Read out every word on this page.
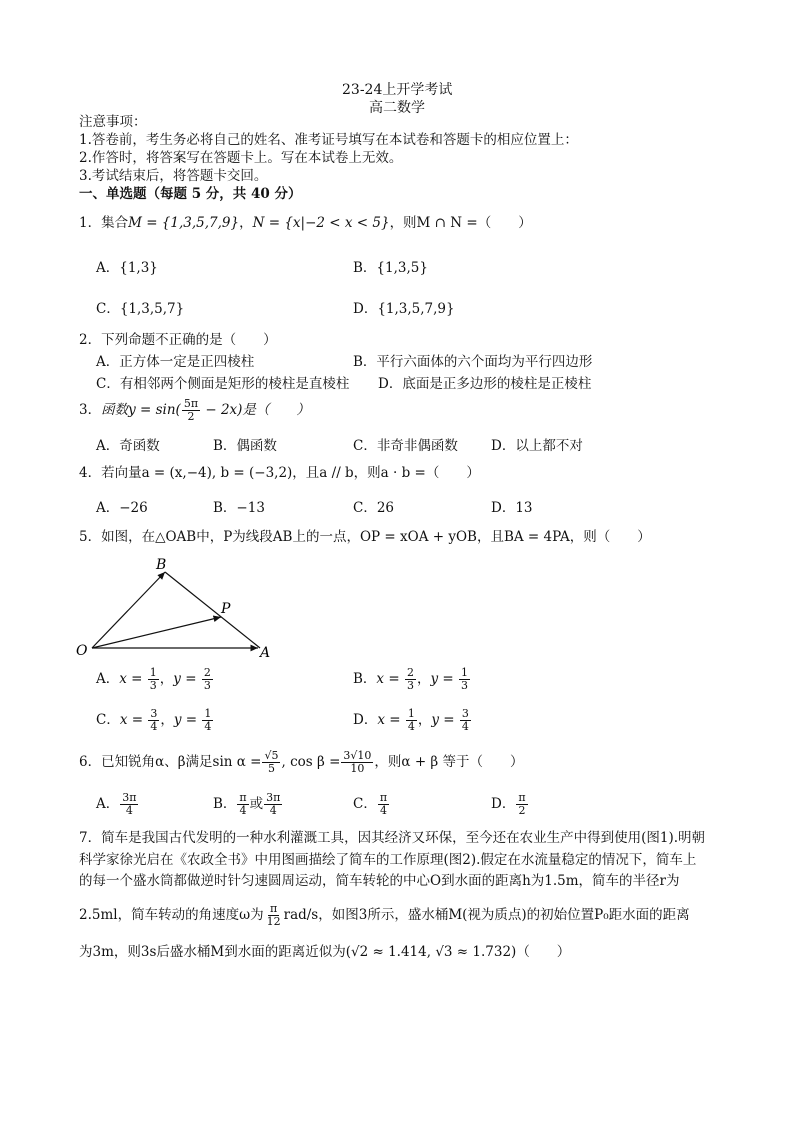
23-24上开学考试
高二数学
注意事项：
1.答卷前，考生务必将自己的姓名、准考证号填写在本试卷和答题卡的相应位置上：
2.作答时，将答案写在答题卡上。写在本试卷上无效。
3.考试结束后，将答题卡交回。
一、单选题（每题 5 分，共 40 分）
1．集合M = {1,3,5,7,9}，N = {x|−2 < x < 5}，则M ∩ N =（　　）
A．{1,3}	B．{1,3,5}
C．{1,3,5,7}	D．{1,3,5,7,9}
2．下列命题不正确的是（　　）
A．正方体一定是正四棱柱	B．平行六面体的六个面均为平行四边形
C．有相邻两个侧面是矩形的棱柱是直棱柱 D．底面是正多边形的棱柱是正棱柱
3．函数$y = \sin( \frac{5\pi}{2} - 2x)$是（　　）
A．奇函数	B．偶函数	C．非奇非偶函数 D．以上都不对
4．若向量a = (x,−4), b = (−3,2)，且a // b，则a · b =（　　）
A．−26	B．−13	C．26	D．13
5．如图，在△OAB中，P为线段AB上的一点，OP = xOA + yOB，且BA = 4PA，则（　　）
O	A
B
P
A．$x = \frac{1}{3}$ ，$y = \frac{2}{3}$	B．$x = \frac{2}{3}$ ，$y = \frac{1}{3}$
C．$x = \frac{3}{4}$ ，$y = \frac{1}{4}$	D．$x = \frac{1}{4}$ ，$y = \frac{3}{4}$
6．已知锐角α、β满足$\sin \alpha = \frac{√5}{5}$ , $\cos \beta = \frac{3√10}{10}$ ，则α + β 等于（　　）
A． $\frac{3\pi}{4}$	B． $\frac{\pi}{4}$ 或 $\frac{3\pi}{4}$	C． $\frac{\pi}{4}$	D． $\frac{\pi}{2}$
7．简车是我国古代发明的一种水利灌溉工具，因其经济又环保，至今还在农业生产中得到使用(图1).明朝
科学家徐光启在《农政全书》中用图画描绘了简车的工作原理(图2).假定在水流量稳定的情况下，简车上
的每一个盛水筒都做逆时针匀速圆周运动，简车转轮的中心O到水面的距离h为1.5m，简车的半径r为
2.5ml，简车转动的角速度ω为 $\frac{\pi}{12} rad/s$，如图3所示，盛水桶M(视为质点)的初始位置P₀距水面的距离
为3m，则3s后盛水桶M到水面的距离近似为(√2 ≈ 1.414, √3 ≈ 1.732)（　　）
